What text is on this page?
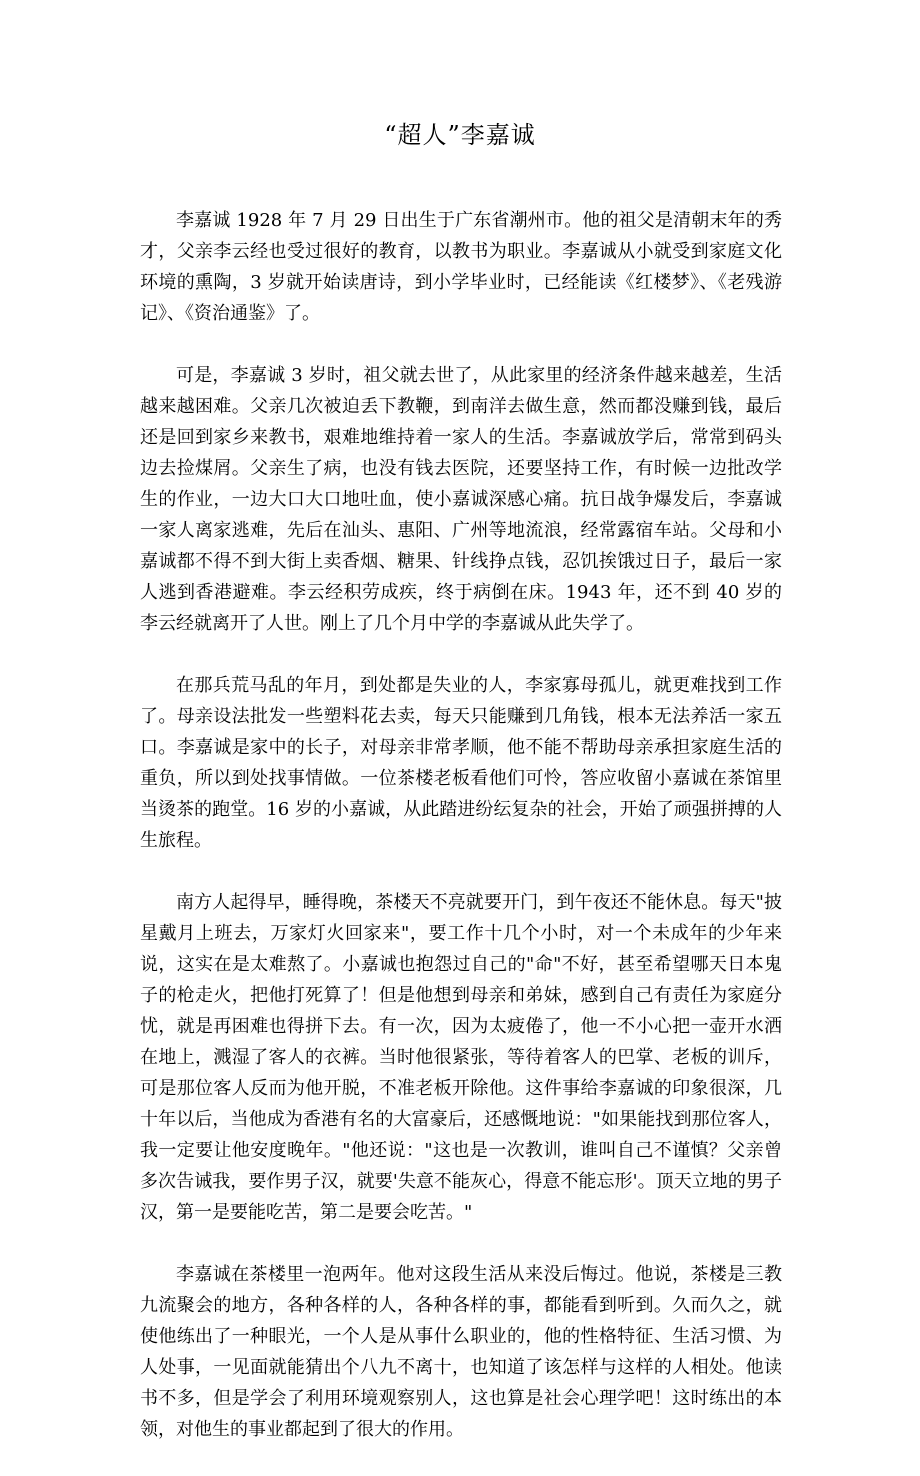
“超人”李嘉诚

李嘉诚 1928 年 7 月 29 日出生于广东省潮州市。他的祖父是清朝末年的秀才，父亲李云经也受过很好的教育，以教书为职业。李嘉诚从小就受到家庭文化环境的熏陶，3 岁就开始读唐诗，到小学毕业时，已经能读《红楼梦》、《老残游记》、《资治通鉴》了。

可是，李嘉诚 3 岁时，祖父就去世了，从此家里的经济条件越来越差，生活越来越困难。父亲几次被迫丢下教鞭，到南洋去做生意，然而都没赚到钱，最后还是回到家乡来教书，艰难地维持着一家人的生活。李嘉诚放学后，常常到码头边去捡煤屑。父亲生了病，也没有钱去医院，还要坚持工作，有时候一边批改学生的作业，一边大口大口地吐血，使小嘉诚深感心痛。抗日战争爆发后，李嘉诚一家人离家逃难，先后在汕头、惠阳、广州等地流浪，经常露宿车站。父母和小嘉诚都不得不到大街上卖香烟、糖果、针线挣点钱，忍饥挨饿过日子，最后一家人逃到香港避难。李云经积劳成疾，终于病倒在床。1943 年，还不到 40 岁的李云经就离开了人世。刚上了几个月中学的李嘉诚从此失学了。

在那兵荒马乱的年月，到处都是失业的人，李家寡母孤儿，就更难找到工作了。母亲设法批发一些塑料花去卖，每天只能赚到几角钱，根本无法养活一家五口。李嘉诚是家中的长子，对母亲非常孝顺，他不能不帮助母亲承担家庭生活的重负，所以到处找事情做。一位茶楼老板看他们可怜，答应收留小嘉诚在茶馆里当烫茶的跑堂。16 岁的小嘉诚，从此踏进纷纭复杂的社会，开始了顽强拼搏的人生旅程。

南方人起得早，睡得晚，茶楼天不亮就要开门，到午夜还不能休息。每天"披星戴月上班去，万家灯火回家来"，要工作十几个小时，对一个未成年的少年来说，这实在是太难熬了。小嘉诚也抱怨过自己的"命"不好，甚至希望哪天日本鬼子的枪走火，把他打死算了！但是他想到母亲和弟妹，感到自己有责任为家庭分忧，就是再困难也得拼下去。有一次，因为太疲倦了，他一不小心把一壶开水洒在地上，溅湿了客人的衣裤。当时他很紧张，等待着客人的巴掌、老板的训斥，可是那位客人反而为他开脱，不准老板开除他。这件事给李嘉诚的印象很深，几十年以后，当他成为香港有名的大富豪后，还感慨地说："如果能找到那位客人，我一定要让他安度晚年。"他还说："这也是一次教训，谁叫自己不谨慎？父亲曾多次告诫我，要作男子汉，就要'失意不能灰心，得意不能忘形'。顶天立地的男子汉，第一是要能吃苦，第二是要会吃苦。"

李嘉诚在茶楼里一泡两年。他对这段生活从来没后悔过。他说，茶楼是三教九流聚会的地方，各种各样的人，各种各样的事，都能看到听到。久而久之，就使他练出了一种眼光，一个人是从事什么职业的，他的性格特征、生活习惯、为人处事，一见面就能猜出个八九不离十，也知道了该怎样与这样的人相处。他读书不多，但是学会了利用环境观察别人，这也算是社会心理学吧！这时练出的本领，对他生的事业都起到了很大的作用。
